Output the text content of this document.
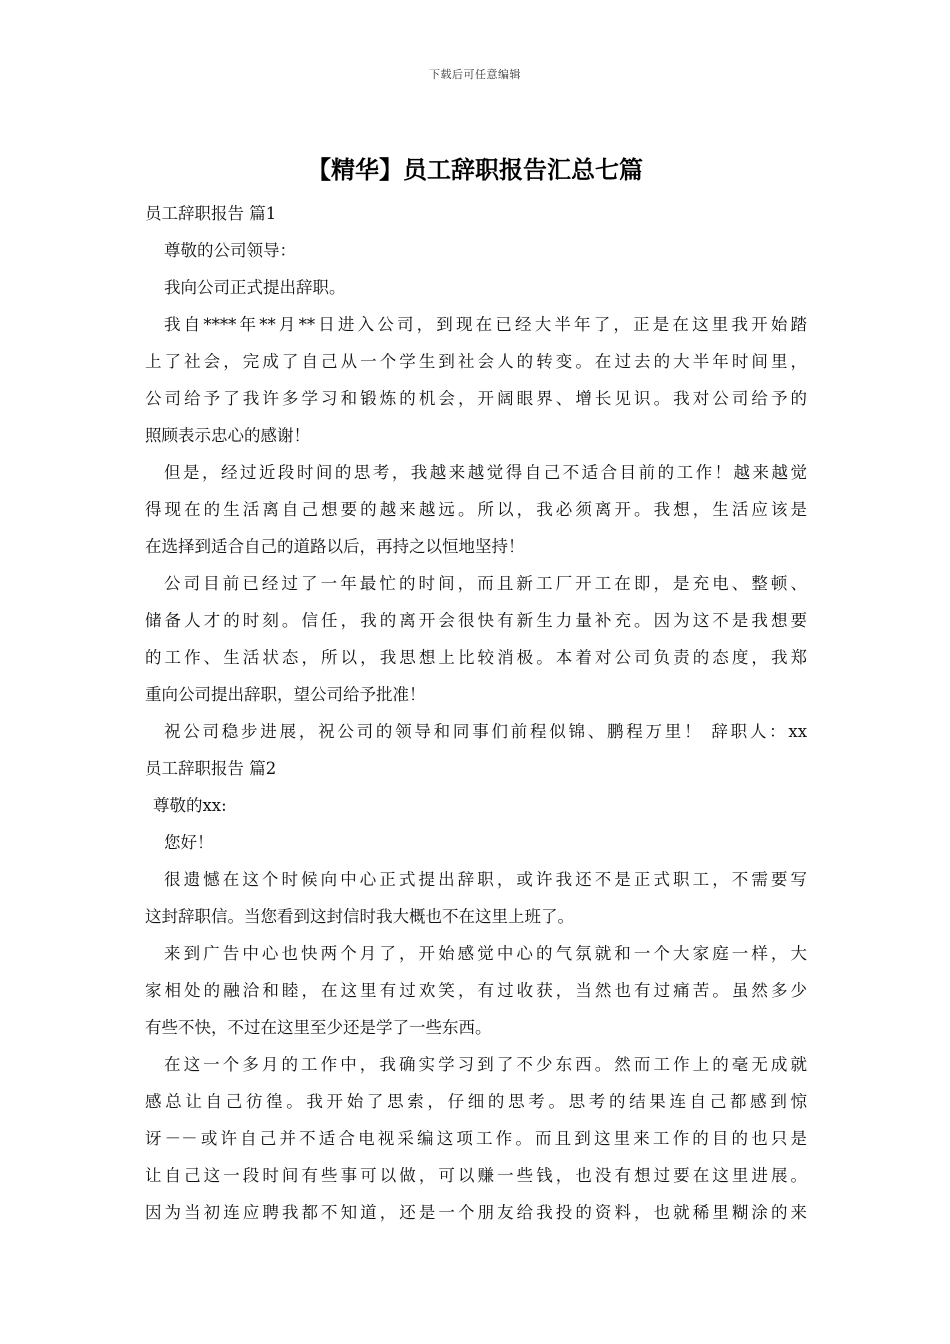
下载后可任意编辑
【精华】员工辞职报告汇总七篇
员工辞职报告 篇1
尊敬的公司领导：
我向公司正式提出辞职。
我自****年**月**日进入公司，到现在已经大半年了，正是在这里我开始踏
上了社会，完成了自己从一个学生到社会人的转变。在过去的大半年时间里，
公司给予了我许多学习和锻炼的机会，开阔眼界、增长见识。我对公司给予的
照顾表示忠心的感谢！
但是，经过近段时间的思考，我越来越觉得自己不适合目前的工作！越来越觉
得现在的生活离自己想要的越来越远。所以，我必须离开。我想，生活应该是
在选择到适合自己的道路以后，再持之以恒地坚持！
公司目前已经过了一年最忙的时间，而且新工厂开工在即，是充电、整顿、
储备人才的时刻。信任，我的离开会很快有新生力量补充。因为这不是我想要
的工作、生活状态，所以，我思想上比较消极。本着对公司负责的态度，我郑
重向公司提出辞职，望公司给予批准！
祝公司稳步进展，祝公司的领导和同事们前程似锦、鹏程万里！ 辞职人：xx
员工辞职报告 篇2
尊敬的xx:
您好！
很遗憾在这个时候向中心正式提出辞职，或许我还不是正式职工，不需要写
这封辞职信。当您看到这封信时我大概也不在这里上班了。
来到广告中心也快两个月了，开始感觉中心的气氛就和一个大家庭一样，大
家相处的融洽和睦，在这里有过欢笑，有过收获，当然也有过痛苦。虽然多少
有些不快，不过在这里至少还是学了一些东西。
在这一个多月的工作中，我确实学习到了不少东西。然而工作上的毫无成就
感总让自己彷徨。我开始了思索，仔细的思考。思考的结果连自己都感到惊
讶－－或许自己并不适合电视采编这项工作。而且到这里来工作的目的也只是
让自己这一段时间有些事可以做，可以赚一些钱，也没有想过要在这里进展。
因为当初连应聘我都不知道，还是一个朋友给我投的资料，也就稀里糊涂的来
